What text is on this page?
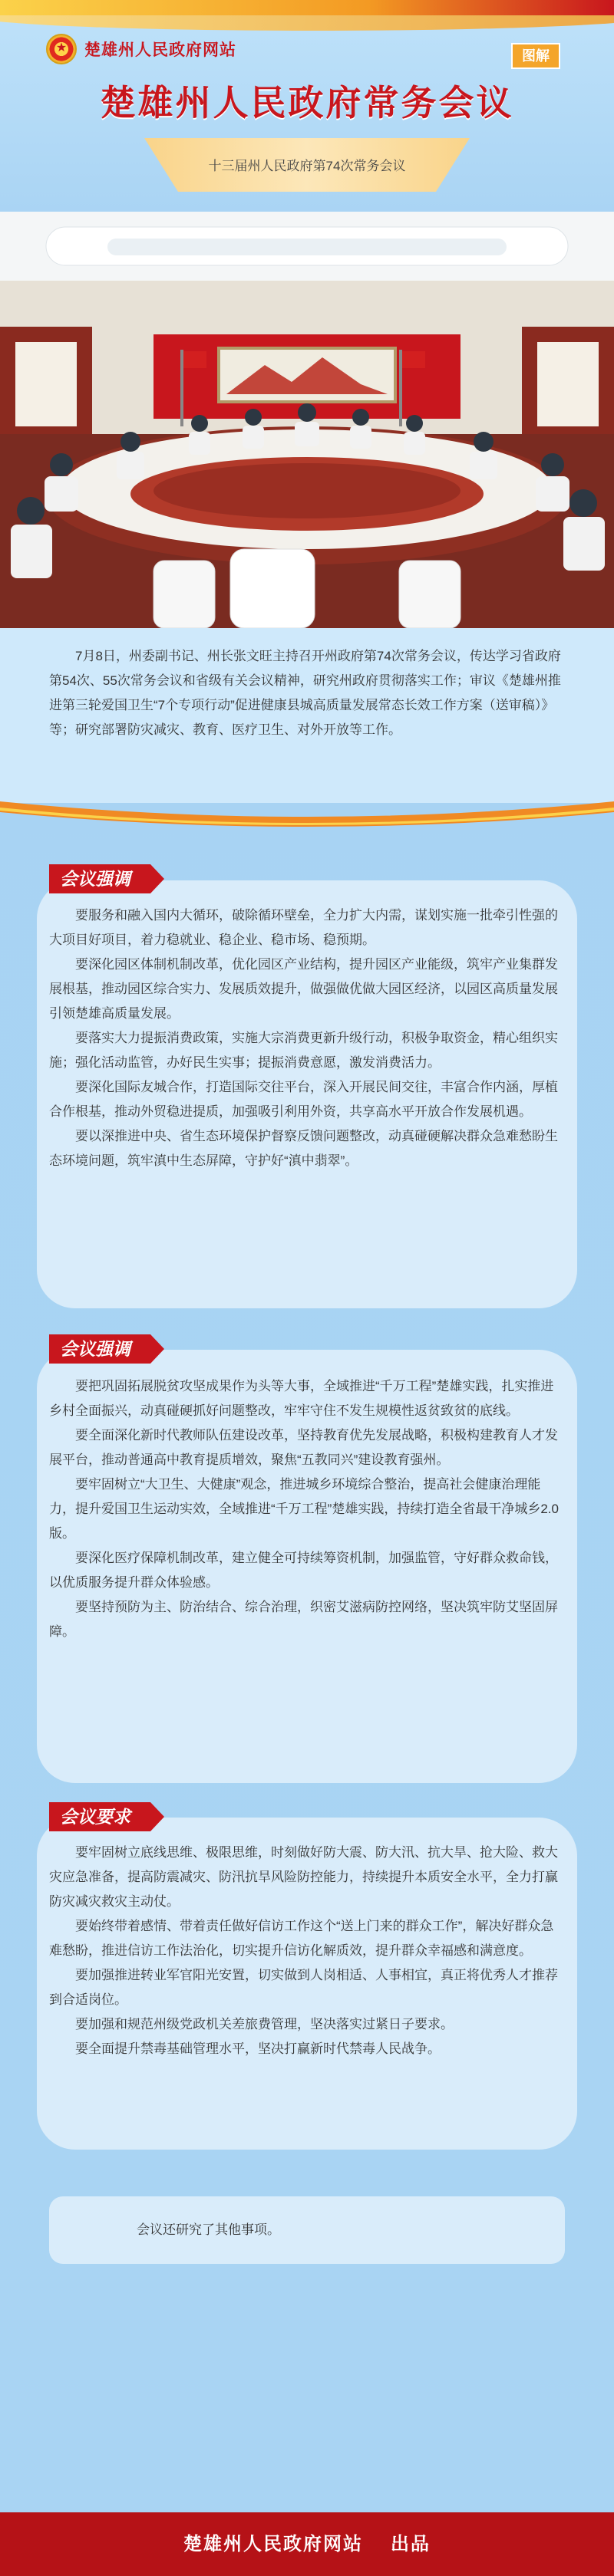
★
楚雄州人民政府网站	图解
楚雄州人民政府常务会议
十三届州人民政府第74次常务会议
7月8日，州委副书记、州长张文旺主持召开州政府第74次常务会议，传达学习省政府第54次、55次常务会议和省级有关会议精神，研究州政府贯彻落实工作；审议《楚雄州推进第三轮爱国卫生“7个专项行动”促进健康县城高质量发展常态长效工作方案（送审稿）》等；研究部署防灾减灾、教育、医疗卫生、对外开放等工作。
会议强调

要服务和融入国内大循环，破除循环壁垒，全力扩大内需，谋划实施一批牵引性强的大项目好项目，着力稳就业、稳企业、稳市场、稳预期。

要深化园区体制机制改革，优化园区产业结构，提升园区产业能级，筑牢产业集群发展根基，推动园区综合实力、发展质效提升，做强做优做大园区经济，以园区高质量发展引领楚雄高质量发展。

要落实大力提振消费政策，实施大宗消费更新升级行动，积极争取资金，精心组织实施；强化活动监管，办好民生实事；提振消费意愿，激发消费活力。

要深化国际友城合作，打造国际交往平台，深入开展民间交往，丰富合作内涵，厚植合作根基，推动外贸稳进提质，加强吸引利用外资，共享高水平开放合作发展机遇。

要以深推进中央、省生态环境保护督察反馈问题整改，动真碰硬解决群众急难愁盼生态环境问题，筑牢滇中生态屏障，守护好“滇中翡翠”。

会议强调

要把巩固拓展脱贫攻坚成果作为头等大事，全域推进“千万工程”楚雄实践，扎实推进乡村全面振兴，动真碰硬抓好问题整改，牢牢守住不发生规模性返贫致贫的底线。

要全面深化新时代教师队伍建设改革，坚持教育优先发展战略，积极构建教育人才发展平台，推动普通高中教育提质增效，聚焦“五教同兴”建设教育强州。

要牢固树立“大卫生、大健康”观念，推进城乡环境综合整治，提高社会健康治理能力，提升爱国卫生运动实效，全域推进“千万工程”楚雄实践，持续打造全省最干净城乡2.0版。

要深化医疗保障机制改革，建立健全可持续筹资机制，加强监管，守好群众救命钱，以优质服务提升群众体验感。

要坚持预防为主、防治结合、综合治理，织密艾滋病防控网络，坚决筑牢防艾坚固屏障。

会议要求

要牢固树立底线思维、极限思维，时刻做好防大震、防大汛、抗大旱、抢大险、救大灾应急准备，提高防震减灾、防汛抗旱风险防控能力，持续提升本质安全水平，全力打赢防灾减灾救灾主动仗。

要始终带着感情、带着责任做好信访工作这个“送上门来的群众工作”，解决好群众急难愁盼，推进信访工作法治化，切实提升信访化解质效，提升群众幸福感和满意度。

要加强推进转业军官阳光安置，切实做到人岗相适、人事相宜，真正将优秀人才推荐到合适岗位。

要加强和规范州级党政机关差旅费管理，坚决落实过紧日子要求。

要全面提升禁毒基础管理水平，坚决打赢新时代禁毒人民战争。

会议还研究了其他事项。
楚雄州人民政府网站 出品
